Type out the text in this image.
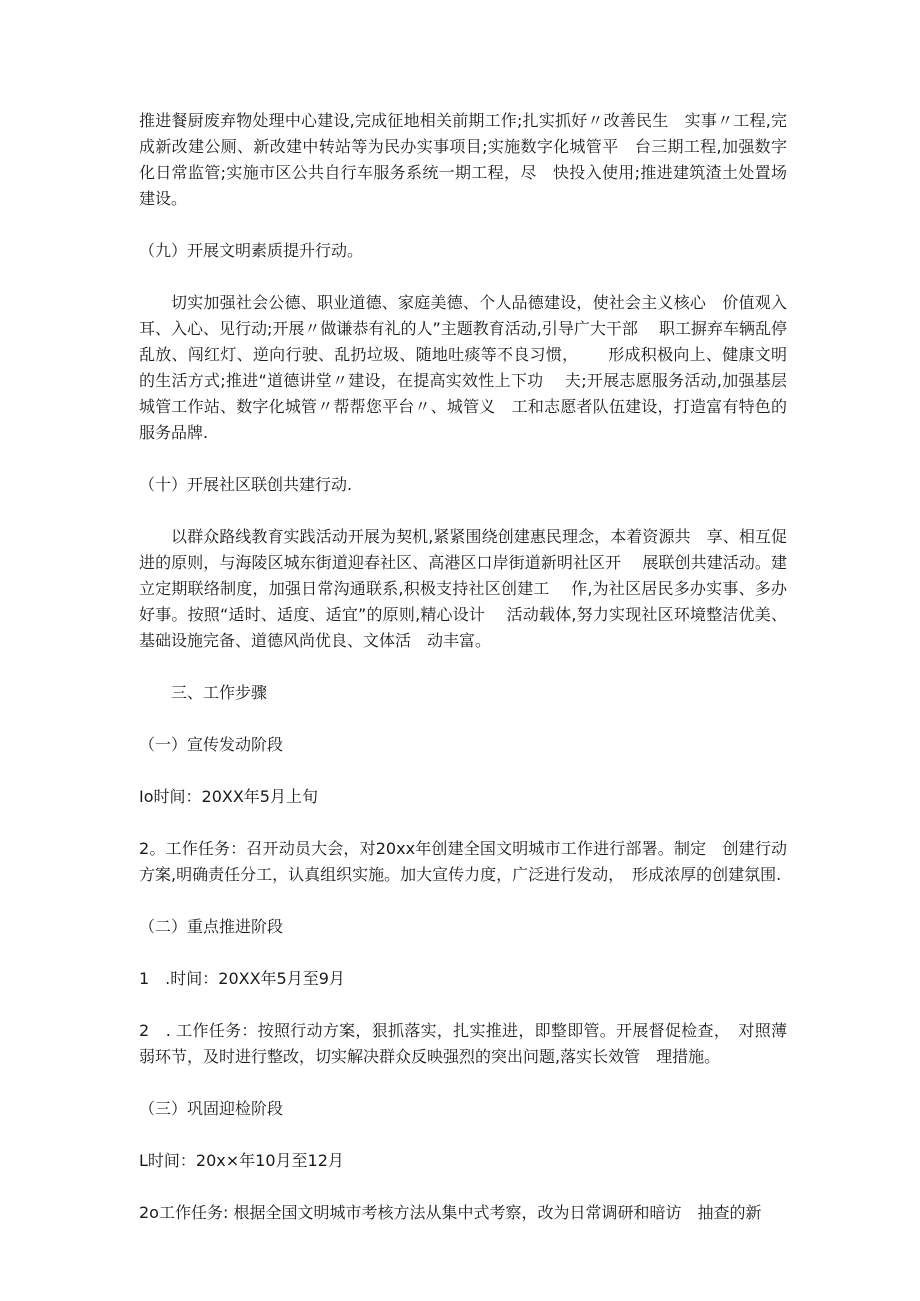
推进餐厨废弃物处理中心建设,完成征地相关前期工作;扎实抓好〃改善民生　实事〃工程,完成新改建公厕、新改建中转站等为民办实事项目;实施数字化城管平　台三期工程,加强数字化日常监管;实施市区公共自行车服务系统一期工程，尽　快投入使用;推进建筑渣土处置场建设。

（九）开展文明素质提升行动。

切实加强社会公德、职业道德、家庭美德、个人品德建设，使社会主义核心　价值观入耳、入心、见行动;开展〃做谦恭有礼的人”主题教育活动,引导广大干部　 职工摒弃车辆乱停乱放、闯红灯、逆向行驶、乱扔垃圾、随地吐痰等不良习惯，　　 形成积极向上、健康文明的生活方式;推进“道德讲堂〃建设，在提高实效性上下功　 夫;开展志愿服务活动,加强基层城管工作站、数字化城管〃帮帮您平台〃、城管义　工和志愿者队伍建设，打造富有特色的服务品牌.

（十）开展社区联创共建行动.

以群众路线教育实践活动开展为契机,紧紧围绕创建惠民理念，本着资源共　享、相互促进的原则，与海陵区城东街道迎春社区、高港区口岸街道新明社区开　 展联创共建活动。建立定期联络制度，加强日常沟通联系,积极支持社区创建工　 作,为社区居民多办实事、多办好事。按照“适时、适度、适宜”的原则,精心设计　 活动载体,努力实现社区环境整洁优美、基础设施完备、道德风尚优良、文体活　动丰富。

三、工作步骤

（一）宣传发动阶段

Io时间：20XX年5月上旬

2。工作任务：召开动员大会，对20xx年创建全国文明城市工作进行部署。制定　创建行动方案,明确责任分工，认真组织实施。加大宣传力度，广泛进行发动，　形成浓厚的创建氛围.

（二）重点推进阶段

1　.时间：20XX年5月至9月

2　. 工作任务：按照行动方案，狠抓落实，扎实推进，即整即管。开展督促检查，　对照薄弱环节，及时进行整改，切实解决群众反映强烈的突出问题,落实长效管　理措施。

（三）巩固迎检阶段

L时间：20x×年10月至12月

2o工作任务: 根据全国文明城市考核方法从集中式考察，改为日常调研和暗访　抽查的新
